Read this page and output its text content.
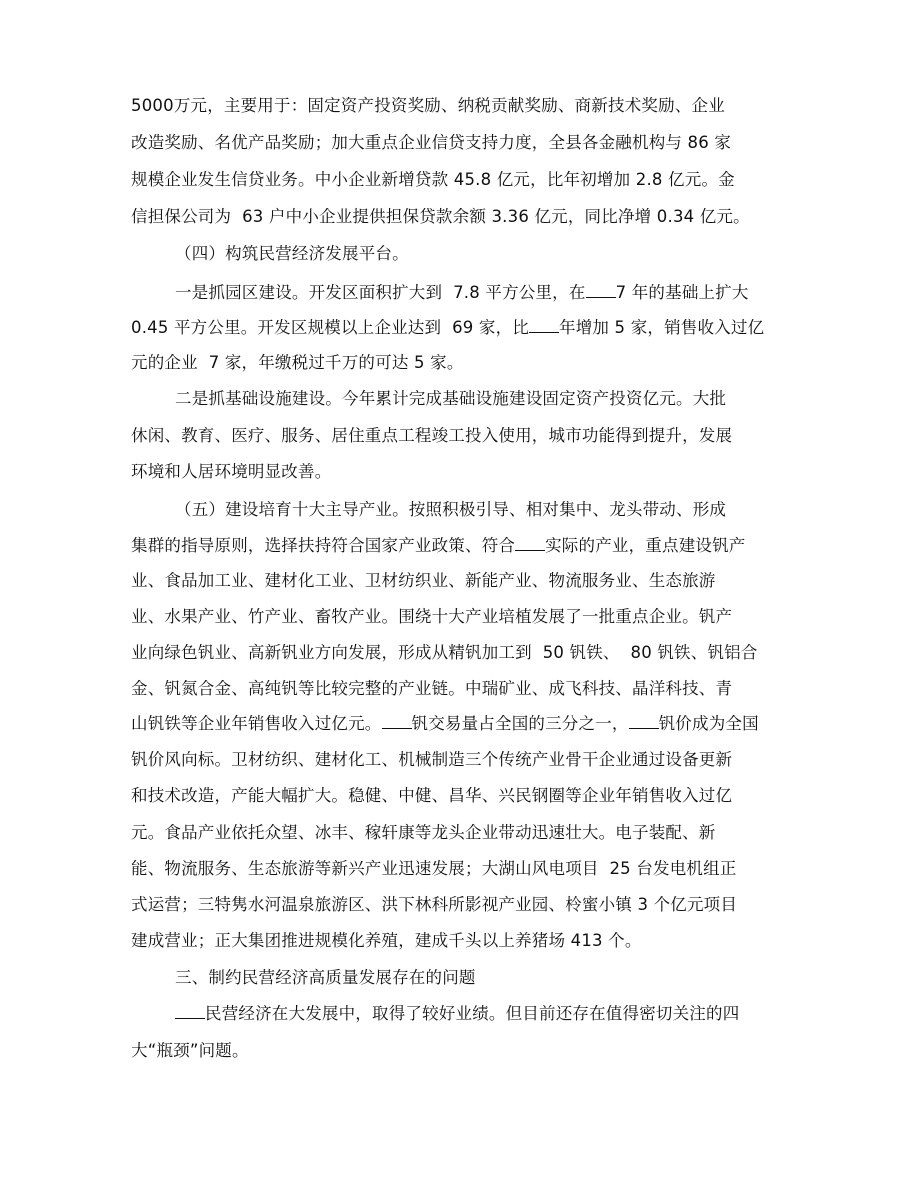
5000万元，主要用于：固定资产投资奖励、纳税贡献奖励、商新技术奖励、企业
改造奖励、名优产品奖励；加大重点企业信贷支持力度，全县各金融机构与 86 家
规模企业发生信贷业务。中小企业新增贷款 45.8 亿元，比年初增加 2.8 亿元。金
信担保公司为  63 户中小企业提供担保贷款余额 3.36 亿元，同比净增 0.34 亿元。
（四）构筑民营经济发展平台。
一是抓园区建设。开发区面积扩大到  7.8 平方公里，在 7 年的基础上扩大
0.45 平方公里。开发区规模以上企业达到  69 家，比 年增加 5 家，销售收入过亿
元的企业  7 家，年缴税过千万的可达 5 家。
二是抓基础设施建设。今年累计完成基础设施建设固定资产投资亿元。大批
休闲、教育、医疗、服务、居住重点工程竣工投入使用，城市功能得到提升，发展
环境和人居环境明显改善。
（五）建设培育十大主导产业。按照积极引导、相对集中、龙头带动、形成
集群的指导原则，选择扶持符合国家产业政策、符合 实际的产业，重点建设钒产
业、食品加工业、建材化工业、卫材纺织业、新能产业、物流服务业、生态旅游
业、水果产业、竹产业、畜牧产业。围绕十大产业培植发展了一批重点企业。钒产
业向绿色钒业、高新钒业方向发展，形成从精钒加工到  50 钒铁、  80 钒铁、钒铝合
金、钒氮合金、高纯钒等比较完整的产业链。中瑞矿业、成飞科技、晶洋科技、青
山钒铁等企业年销售收入过亿元。 钒交易量占全国的三分之一， 钒价成为全国
钒价风向标。卫材纺织、建材化工、机械制造三个传统产业骨干企业通过设备更新
和技术改造，产能大幅扩大。稳健、中健、昌华、兴民钢圈等企业年销售收入过亿
元。食品产业依托众望、冰丰、稼轩康等龙头企业带动迅速壮大。电子装配、新
能、物流服务、生态旅游等新兴产业迅速发展；大湖山风电项目  25 台发电机组正
式运营；三特隽水河温泉旅游区、洪下林科所影视产业园、柃蜜小镇 3 个亿元项目
建成营业；正大集团推进规模化养殖，建成千头以上养猪场 413 个。
三、制约民营经济高质量发展存在的问题
民营经济在大发展中，取得了较好业绩。但目前还存在值得密切关注的四
大“瓶颈”问题。
